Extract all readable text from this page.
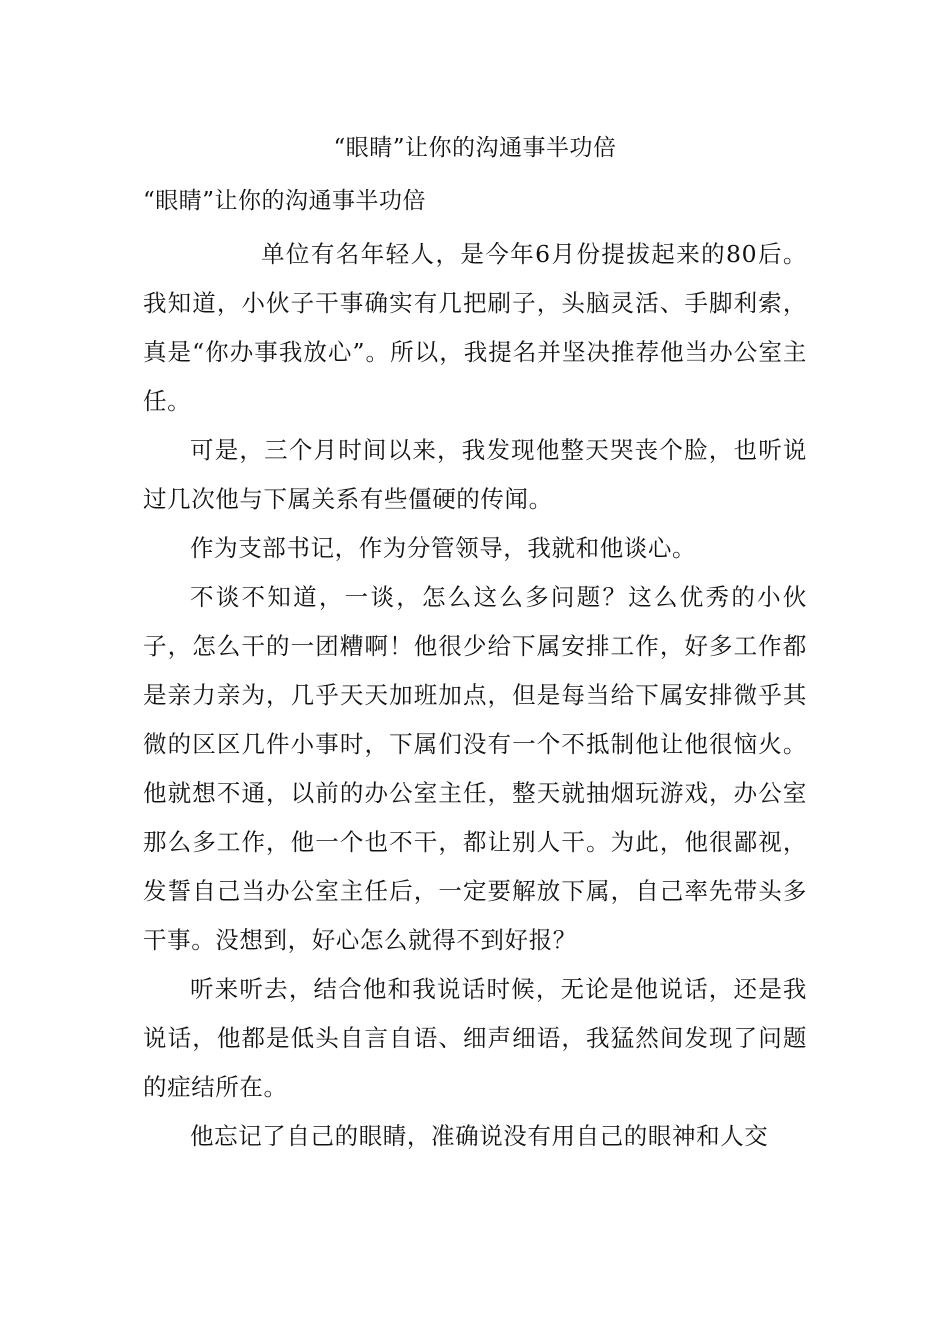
“眼睛”让你的沟通事半功倍
“眼睛”让你的沟通事半功倍

单位有名年轻人，是今年6月份提拔起来的80后。我知道，小伙子干事确实有几把刷子，头脑灵活、手脚利索，真是“你办事我放心”。所以，我提名并坚决推荐他当办公室主任。

可是，三个月时间以来，我发现他整天哭丧个脸，也听说过几次他与下属关系有些僵硬的传闻。

作为支部书记，作为分管领导，我就和他谈心。

不谈不知道，一谈，怎么这么多问题？这么优秀的小伙子，怎么干的一团糟啊！他很少给下属安排工作，好多工作都是亲力亲为，几乎天天加班加点，但是每当给下属安排微乎其微的区区几件小事时，下属们没有一个不抵制他让他很恼火。他就想不通，以前的办公室主任，整天就抽烟玩游戏，办公室那么多工作，他一个也不干，都让别人干。为此，他很鄙视，发誓自己当办公室主任后，一定要解放下属，自己率先带头多干事。没想到，好心怎么就得不到好报？

听来听去，结合他和我说话时候，无论是他说话，还是我说话，他都是低头自言自语、细声细语，我猛然间发现了问题的症结所在。

他忘记了自己的眼睛，准确说没有用自己的眼神和人交
